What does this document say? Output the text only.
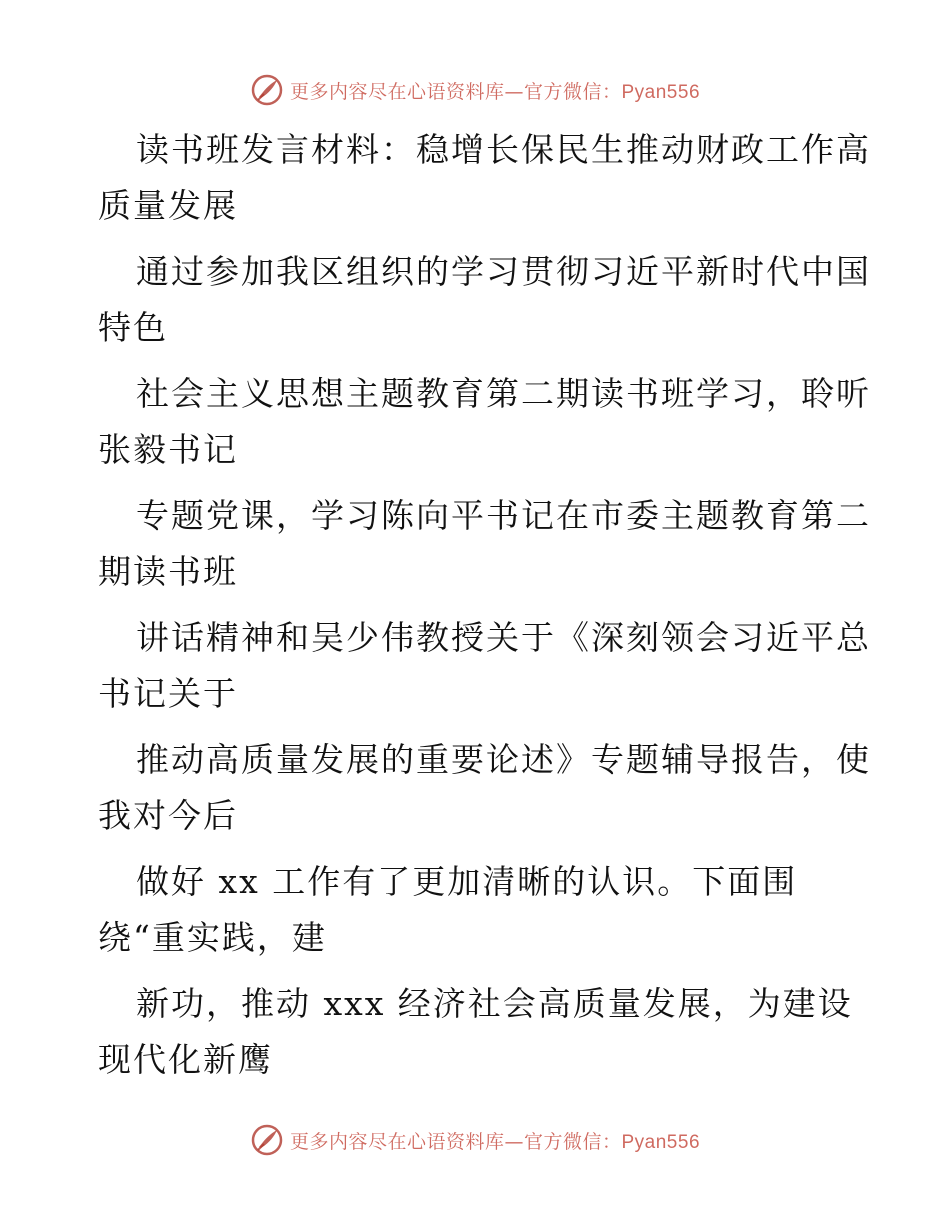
更多内容尽在心语资料库—官方微信：Pyan556

读书班发言材料：稳增长保民生推动财政工作高
质量发展

通过参加我区组织的学习贯彻习近平新时代中国
特色

社会主义思想主题教育第二期读书班学习，聆听
张毅书记

专题党课，学习陈向平书记在市委主题教育第二
期读书班

讲话精神和吴少伟教授关于《深刻领会习近平总
书记关于

推动高质量发展的重要论述》专题辅导报告，使
我对今后

做好 xx 工作有了更加清晰的认识。下面围
绕“重实践，建

新功，推动 xxx 经济社会高质量发展，为建设
现代化新鹰

更多内容尽在心语资料库—官方微信：Pyan556
